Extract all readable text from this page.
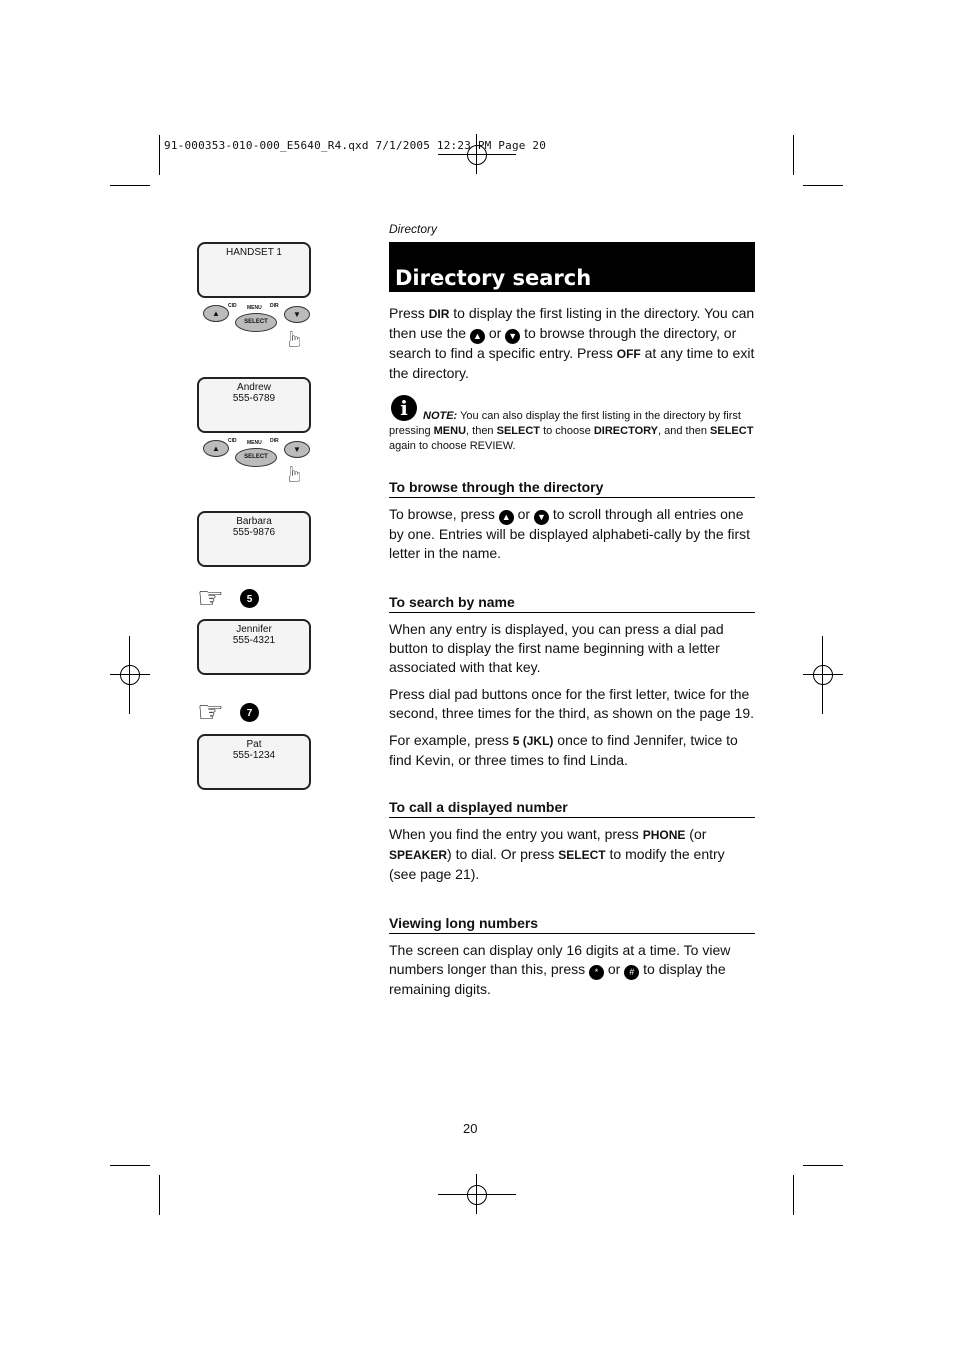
91-000353-010-000_E5640_R4.qxd 7/1/2005 12:23 PM Page 20
Directory
Directory search
Press DIR to display the first listing in the directory. You can then use the ▲ or ▼ to browse through the directory, or search to find a specific entry. Press OFF at any time to exit the directory.
i	NOTE: You can also display the first listing in the directory by first pressing MENU, then SELECT to choose DIRECTORY, and then SELECT again to choose REVIEW.
To browse through the directory
To browse, press ▲ or ▼ to scroll through all entries one by one. Entries will be displayed alphabeti-cally by the first letter in the name.
To search by name

When any entry is displayed, you can press a dial pad button to display the first name beginning with a letter associated with that key.

Press dial pad buttons once for the first letter, twice for the second, three times for the third, as shown on the page 19.

For example, press 5 (JKL) once to find Jennifer, twice to find Kevin, or three times to find Linda.

To call a displayed number
When you find the entry you want, press PHONE (or SPEAKER) to dial. Or press SELECT to modify the entry (see page 21).
Viewing long numbers
The screen can display only 16 digits at a time. To view numbers longer than this, press * or # to display the remaining digits.
HANDSET 1
▲
CID MENU DIR
SELECT
▼
☞
Andrew
555-6789
▲
CID MENU DIR
SELECT
▼
☞
Barbara
555-9876
☞	5
JKL
Jennifer
555-4321
☞	7
PQRS
Pat
555-1234
20
